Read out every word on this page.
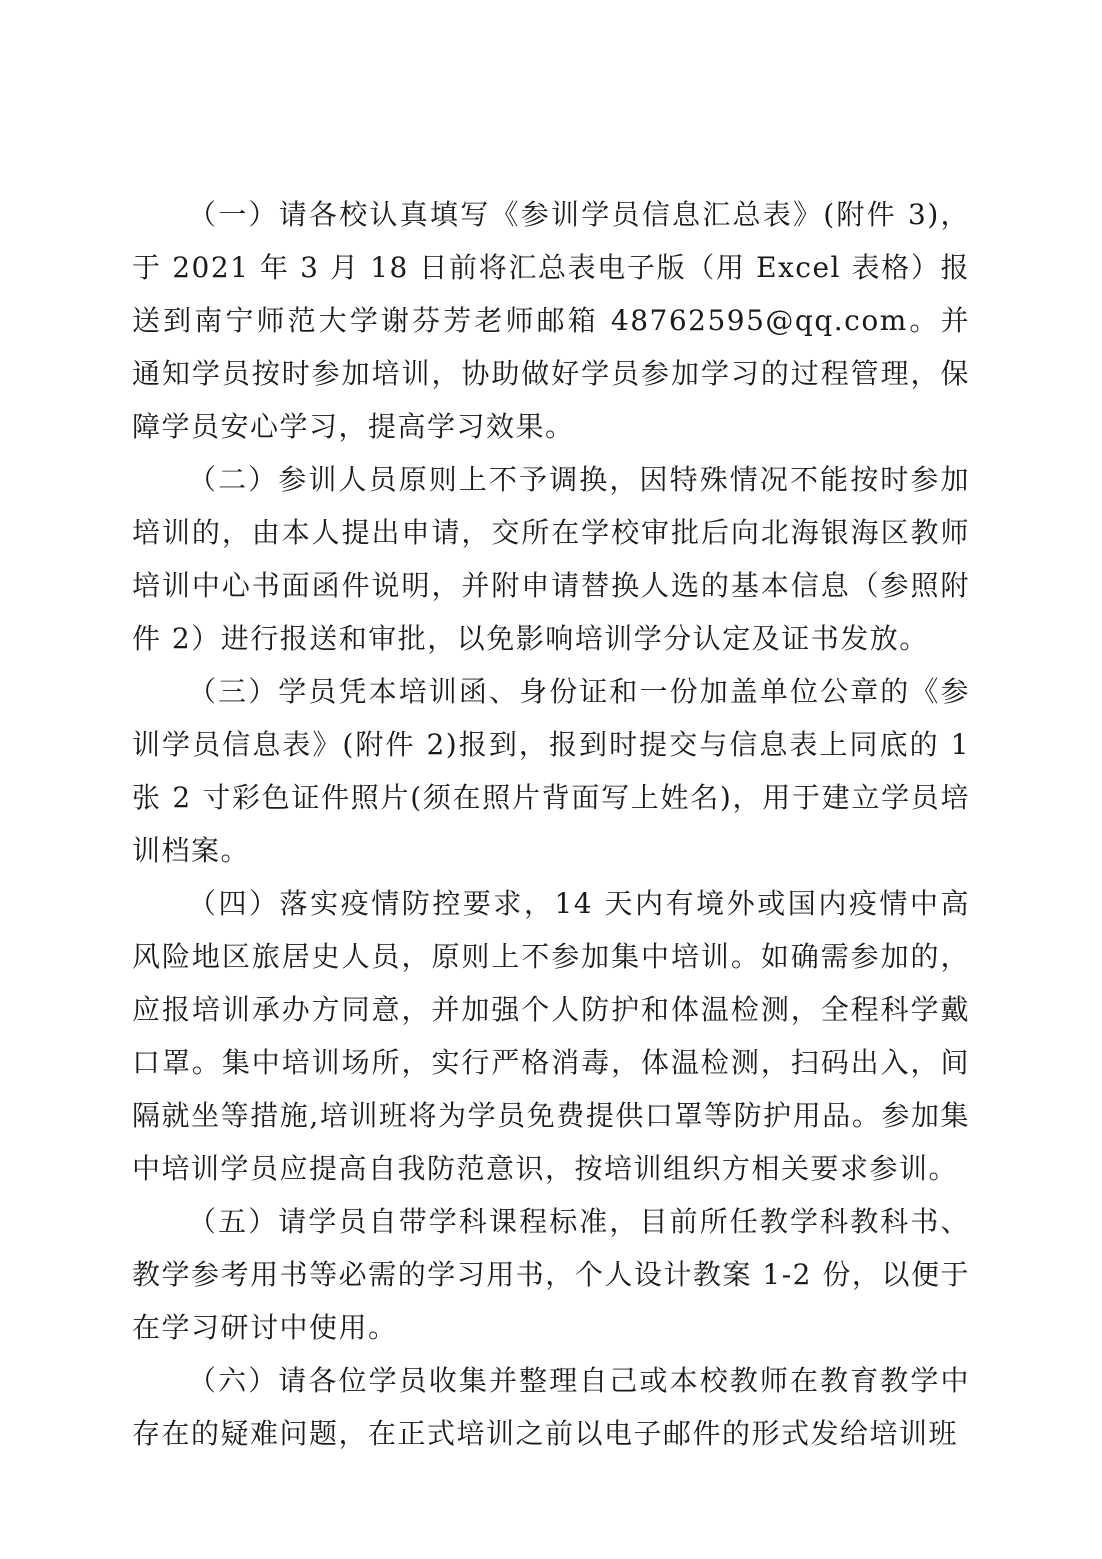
（一）请各校认真填写《参训学员信息汇总表》(附件 3)， 于 2021 年 3 月 18 日前将汇总表电子版（用 Excel 表格）报送到南宁师范大学谢芬芳老师邮箱 48762595@qq.com。并通知学员按时参加培训，协助做好学员参加学习的过程管理，保障学员安心学习，提高学习效果。

（二）参训人员原则上不予调换，因特殊情况不能按时参加培训的，由本人提出申请，交所在学校审批后向北海银海区教师培训中心书面函件说明，并附申请替换人选的基本信息（参照附件 2）进行报送和审批，以免影响培训学分认定及证书发放。

（三）学员凭本培训函、身份证和一份加盖单位公章的《参训学员信息表》(附件 2)报到，报到时提交与信息表上同底的 1 张 2 寸彩色证件照片(须在照片背面写上姓名)，用于建立学员培训档案。

（四）落实疫情防控要求，14 天内有境外或国内疫情中高风险地区旅居史人员，原则上不参加集中培训。如确需参加的，应报培训承办方同意，并加强个人防护和体温检测，全程科学戴口罩。集中培训场所，实行严格消毒，体温检测，扫码出入，间隔就坐等措施,培训班将为学员免费提供口罩等防护用品。参加集中培训学员应提高自我防范意识，按培训组织方相关要求参训。

（五）请学员自带学科课程标准，目前所任教学科教科书、教学参考用书等必需的学习用书，个人设计教案 1-2 份，以便于在学习研讨中使用。

（六）请各位学员收集并整理自己或本校教师在教育教学中存在的疑难问题，在正式培训之前以电子邮件的形式发给培训班
